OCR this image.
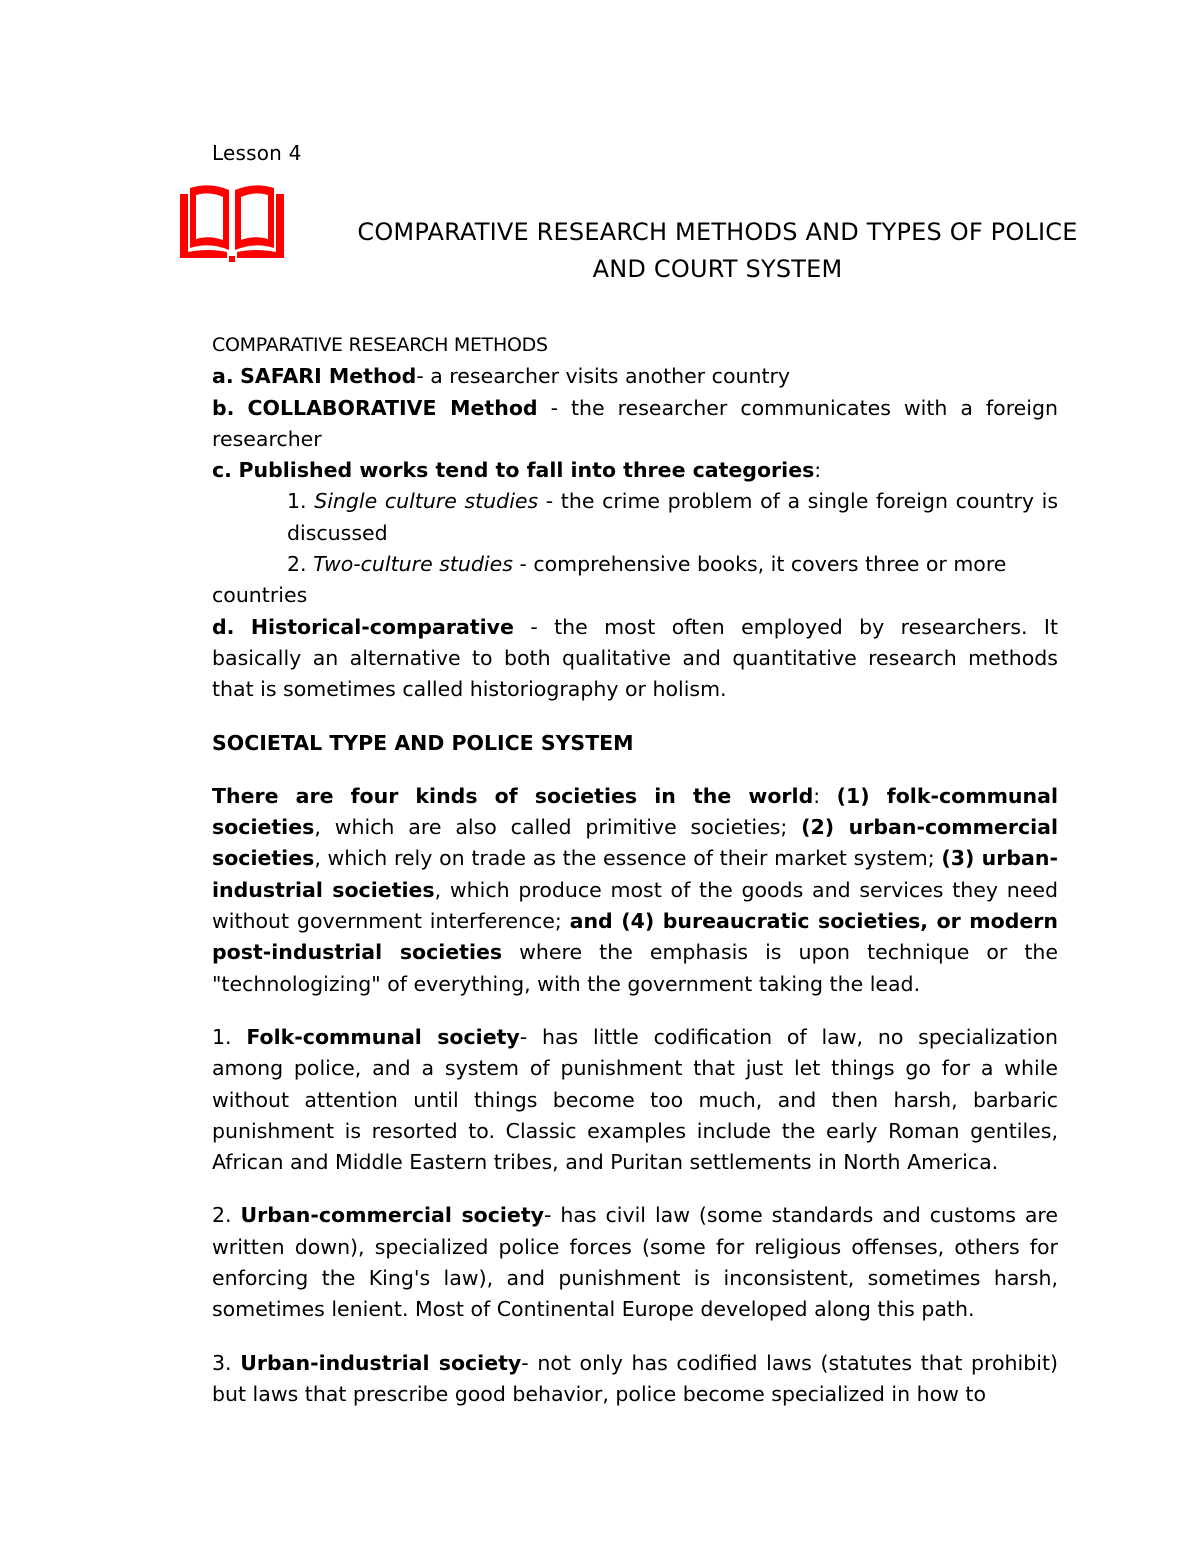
Lesson 4
COMPARATIVE RESEARCH METHODS AND TYPES OF POLICE
AND COURT SYSTEM

COMPARATIVE RESEARCH METHODS

a. SAFARI Method- a researcher visits another country

b. COLLABORATIVE Method - the researcher communicates with a foreign researcher

c. Published works tend to fall into three categories:

1. Single culture studies - the crime problem of a single foreign country is discussed

2. Two-culture studies - comprehensive books, it covers three or more

countries

d. Historical-comparative - the most often employed by researchers. It basically an alternative to both qualitative and quantitative research methods that is sometimes called historiography or holism.

SOCIETAL TYPE AND POLICE SYSTEM

There are four kinds of societies in the world: (1) folk-communal societies, which are also called primitive societies; (2) urban-commercial societies, which rely on trade as the essence of their market system; (3) urban-industrial societies, which produce most of the goods and services they need without government interference; and (4) bureaucratic societies, or modern post-industrial societies where the emphasis is upon technique or the "technologizing" of everything, with the government taking the lead.

1. Folk-communal society- has little codification of law, no specialization among police, and a system of punishment that just let things go for a while without attention until things become too much, and then harsh, barbaric punishment is resorted to. Classic examples include the early Roman gentiles, African and Middle Eastern tribes, and Puritan settlements in North America.

2. Urban-commercial society- has civil law (some standards and customs are written down), specialized police forces (some for religious offenses, others for enforcing the King's law), and punishment is inconsistent, sometimes harsh, sometimes lenient. Most of Continental Europe developed along this path.

3. Urban-industrial society- not only has codified laws (statutes that prohibit) but laws that prescribe good behavior, police become specialized in how to
